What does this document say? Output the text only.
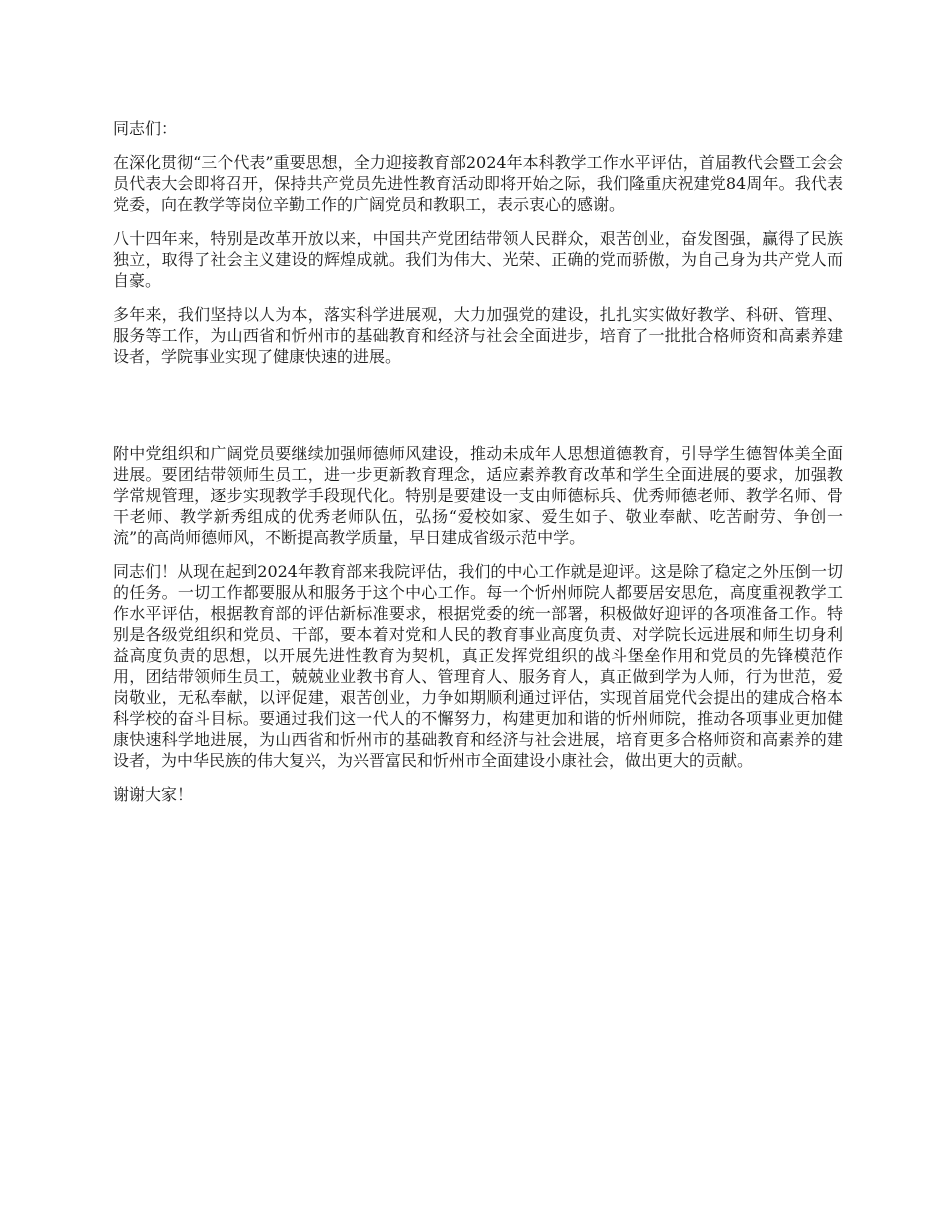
同志们：

在深化贯彻“三个代表”重要思想，全力迎接教育部2024年本科教学工作水平评估，首届教代会暨工会会员代表大会即将召开，保持共产党员先进性教育活动即将开始之际，我们隆重庆祝建党84周年。我代表党委，向在教学等岗位辛勤工作的广阔党员和教职工，表示衷心的感谢。

八十四年来，特别是改革开放以来，中国共产党团结带领人民群众，艰苦创业，奋发图强，赢得了民族独立，取得了社会主义建设的辉煌成就。我们为伟大、光荣、正确的党而骄傲，为自己身为共产党人而自豪。

多年来，我们坚持以人为本，落实科学进展观，大力加强党的建设，扎扎实实做好教学、科研、管理、服务等工作，为山西省和忻州市的基础教育和经济与社会全面进步，培育了一批批合格师资和高素养建设者，学院事业实现了健康快速的进展。

附中党组织和广阔党员要继续加强师德师风建设，推动未成年人思想道德教育，引导学生德智体美全面进展。要团结带领师生员工，进一步更新教育理念，适应素养教育改革和学生全面进展的要求，加强教学常规管理，逐步实现教学手段现代化。特别是要建设一支由师德标兵、优秀师德老师、教学名师、骨干老师、教学新秀组成的优秀老师队伍，弘扬“爱校如家、爱生如子、敬业奉献、吃苦耐劳、争创一流”的高尚师德师风，不断提高教学质量，早日建成省级示范中学。

同志们！从现在起到2024年教育部来我院评估，我们的中心工作就是迎评。这是除了稳定之外压倒一切的任务。一切工作都要服从和服务于这个中心工作。每一个忻州师院人都要居安思危，高度重视教学工作水平评估，根据教育部的评估新标准要求，根据党委的统一部署，积极做好迎评的各项准备工作。特别是各级党组织和党员、干部，要本着对党和人民的教育事业高度负责、对学院长远进展和师生切身利益高度负责的思想，以开展先进性教育为契机，真正发挥党组织的战斗堡垒作用和党员的先锋模范作用，团结带领师生员工，兢兢业业教书育人、管理育人、服务育人，真正做到学为人师，行为世范，爱岗敬业，无私奉献，以评促建，艰苦创业，力争如期顺利通过评估，实现首届党代会提出的建成合格本科学校的奋斗目标。要通过我们这一代人的不懈努力，构建更加和谐的忻州师院，推动各项事业更加健康快速科学地进展，为山西省和忻州市的基础教育和经济与社会进展，培育更多合格师资和高素养的建设者，为中华民族的伟大复兴，为兴晋富民和忻州市全面建设小康社会，做出更大的贡献。

谢谢大家！
